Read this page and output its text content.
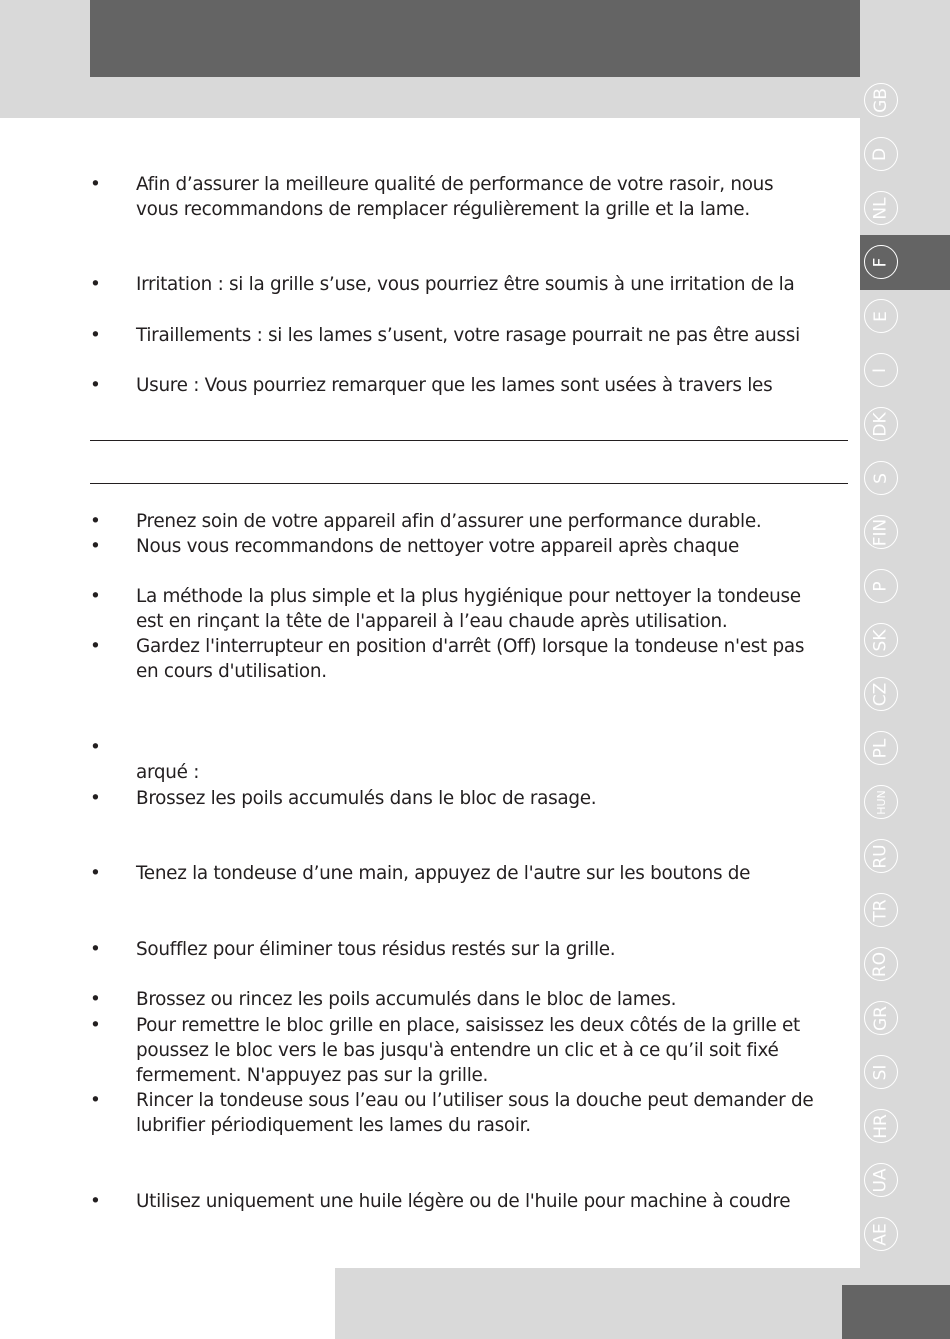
GB
D
NL
F
E
I
DK
S
FIN
P
SK
CZ
PL
HUN
RU
TR
RO
GR
SI
HR
UA
AE
• Afin d’assurer la meilleure qualité de performance de votre rasoir, nous
vous recommandons de remplacer régulièrement la grille et la lame.
• Irritation : si la grille s’use, vous pourriez être soumis à une irritation de la
• Tiraillements : si les lames s’usent, votre rasage pourrait ne pas être aussi
• Usure : Vous pourriez remarquer que les lames sont usées à travers les
• Prenez soin de votre appareil afin d’assurer une performance durable.
• Nous vous recommandons de nettoyer votre appareil après chaque
• La méthode la plus simple et la plus hygiénique pour nettoyer la tondeuse
est en rinçant la tête de l'appareil à l’eau chaude après utilisation.
• Gardez l'interrupteur en position d'arrêt (Off) lorsque la tondeuse n'est pas
en cours d'utilisation.
•
arqué :
• Brossez les poils accumulés dans le bloc de rasage.
• Tenez la tondeuse d’une main, appuyez de l'autre sur les boutons de
• Soufflez pour éliminer tous résidus restés sur la grille.
• Brossez ou rincez les poils accumulés dans le bloc de lames.
• Pour remettre le bloc grille en place, saisissez les deux côtés de la grille et
poussez le bloc vers le bas jusqu'à entendre un clic et à ce qu’il soit fixé
fermement. N'appuyez pas sur la grille.
• Rincer la tondeuse sous l’eau ou l’utiliser sous la douche peut demander de
lubrifier périodiquement les lames du rasoir.
• Utilisez uniquement une huile légère ou de l'huile pour machine à coudre
